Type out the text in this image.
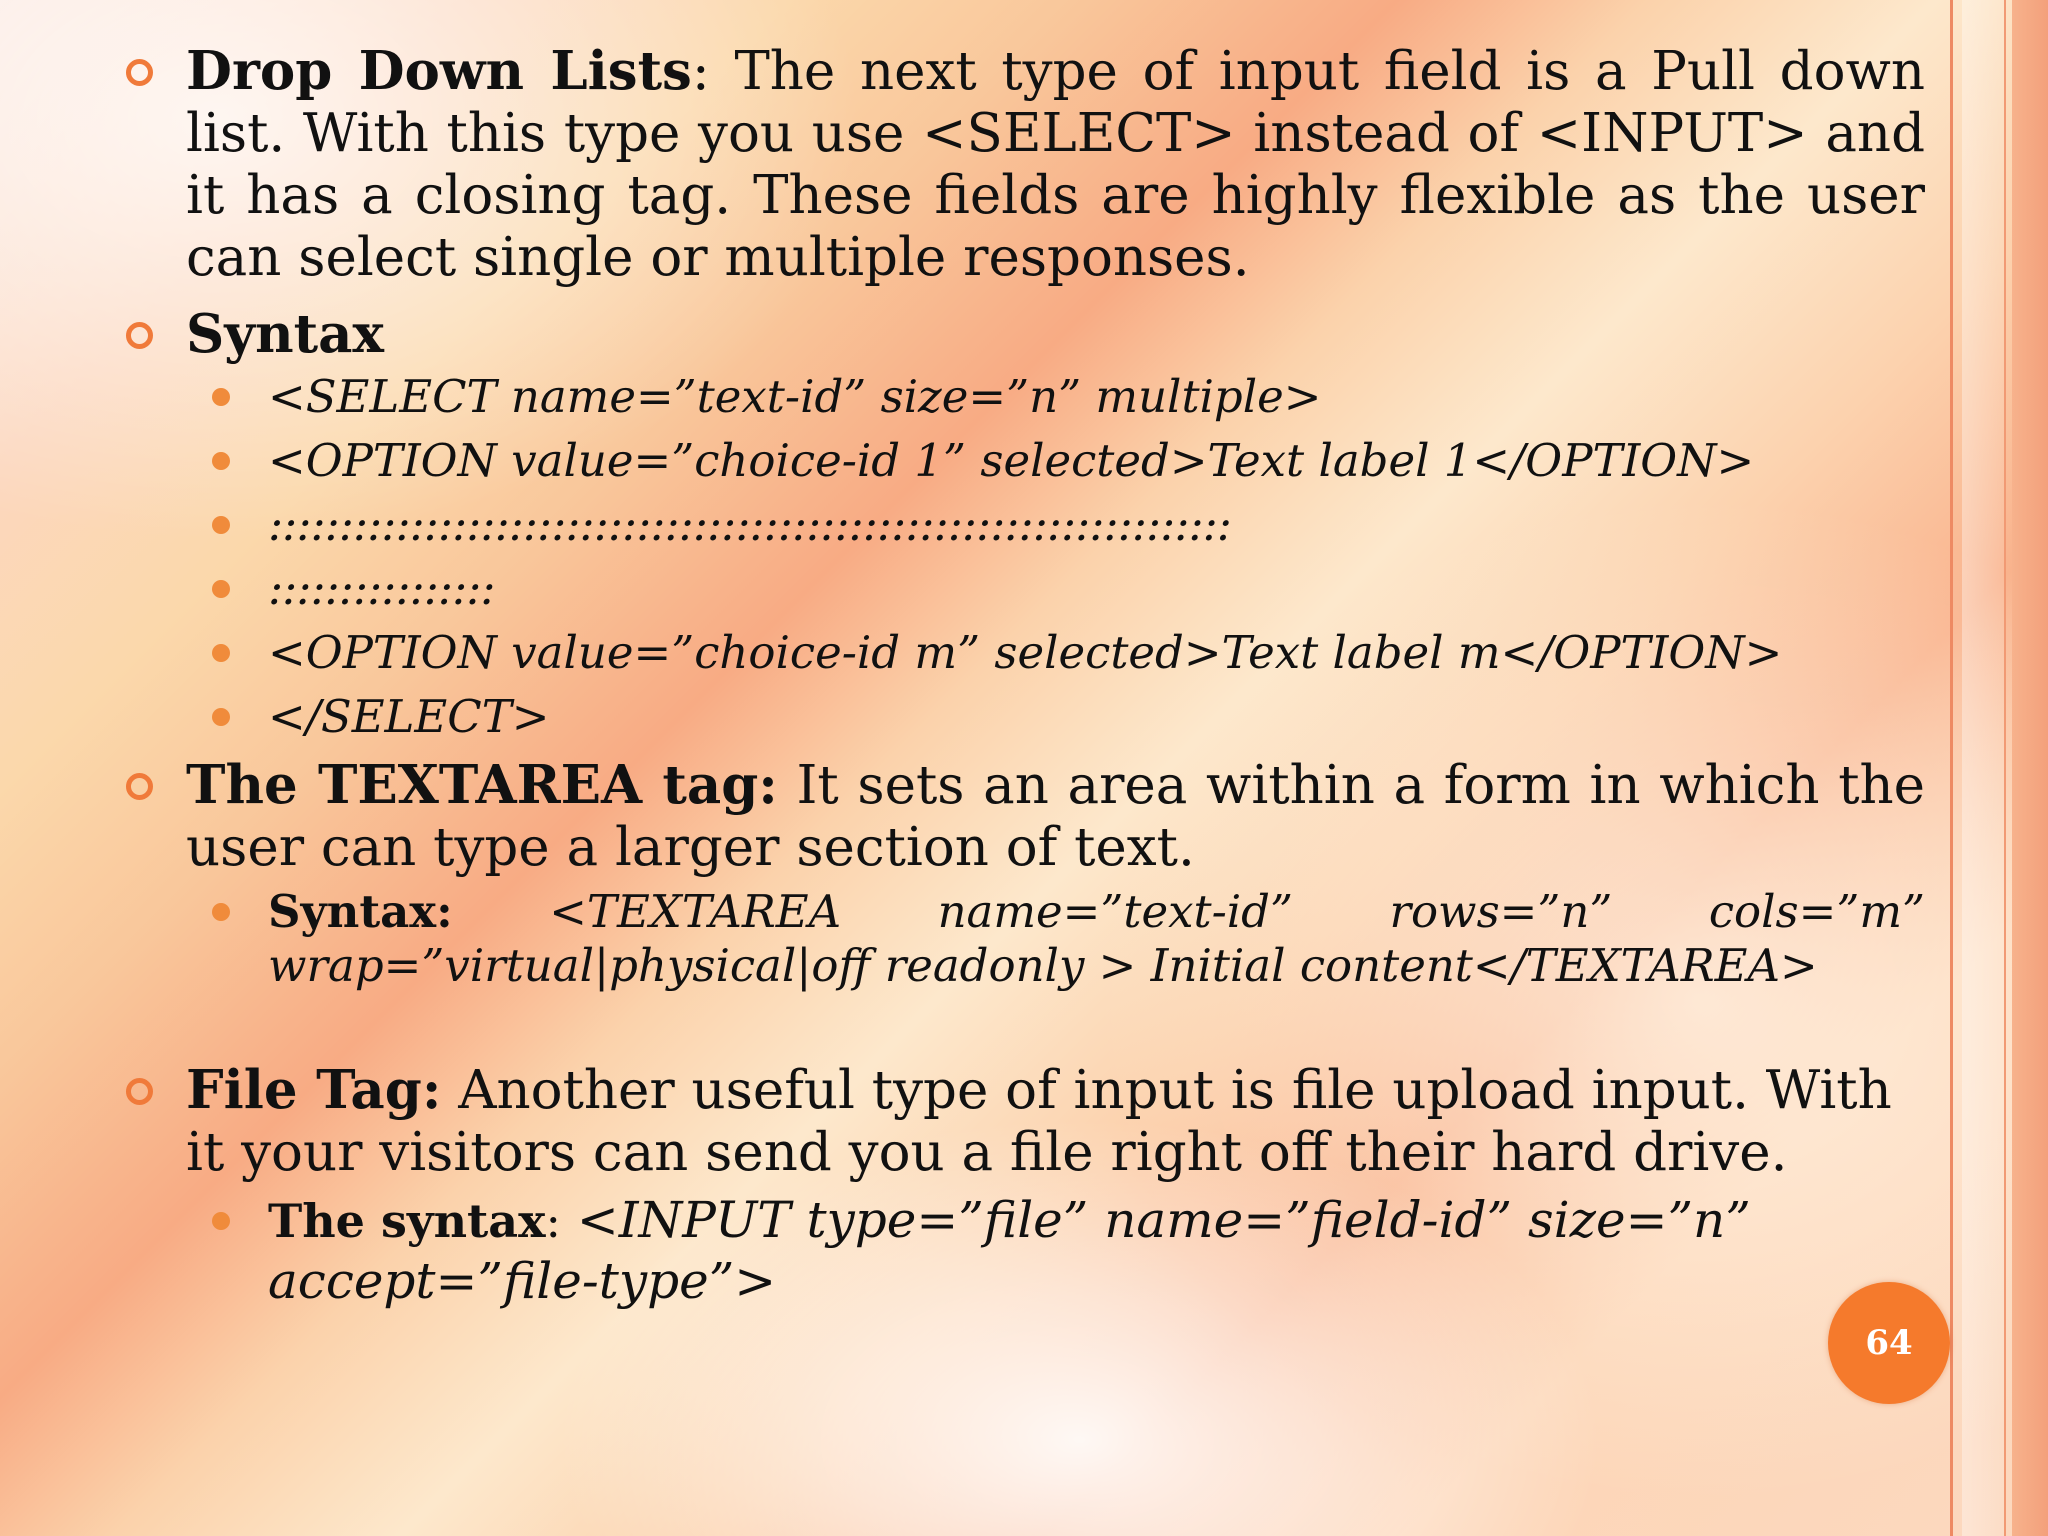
Drop Down Lists: The next type of input field is a Pull down list. With this type you use <SELECT> instead of <INPUT> and it has a closing tag. These fields are highly flexible as the user can select single or multiple responses.
Syntax
<SELECT name=”text-id” size=”n” multiple>
<OPTION value=”choice-id 1” selected>Text label 1</OPTION>
::::::::::::::::::::::::::::::::::::::::::::::::::::::::::::::::::::
::::::::::::::::
<OPTION value=”choice-id m” selected>Text label m</OPTION>
</SELECT>
The TEXTAREA tag: It sets an area within a form in which the user can type a larger section of text.
Syntax: <TEXTAREA name=”text-id” rows=”n” cols=”m” wrap=”virtual|physical|off readonly > Initial content</TEXTAREA>
File Tag: Another useful type of input is file upload input. With it your visitors can send you a file right off their hard drive.
The syntax: <INPUT type=”file” name=”field-id” size=”n” accept=”file-type”>
64
